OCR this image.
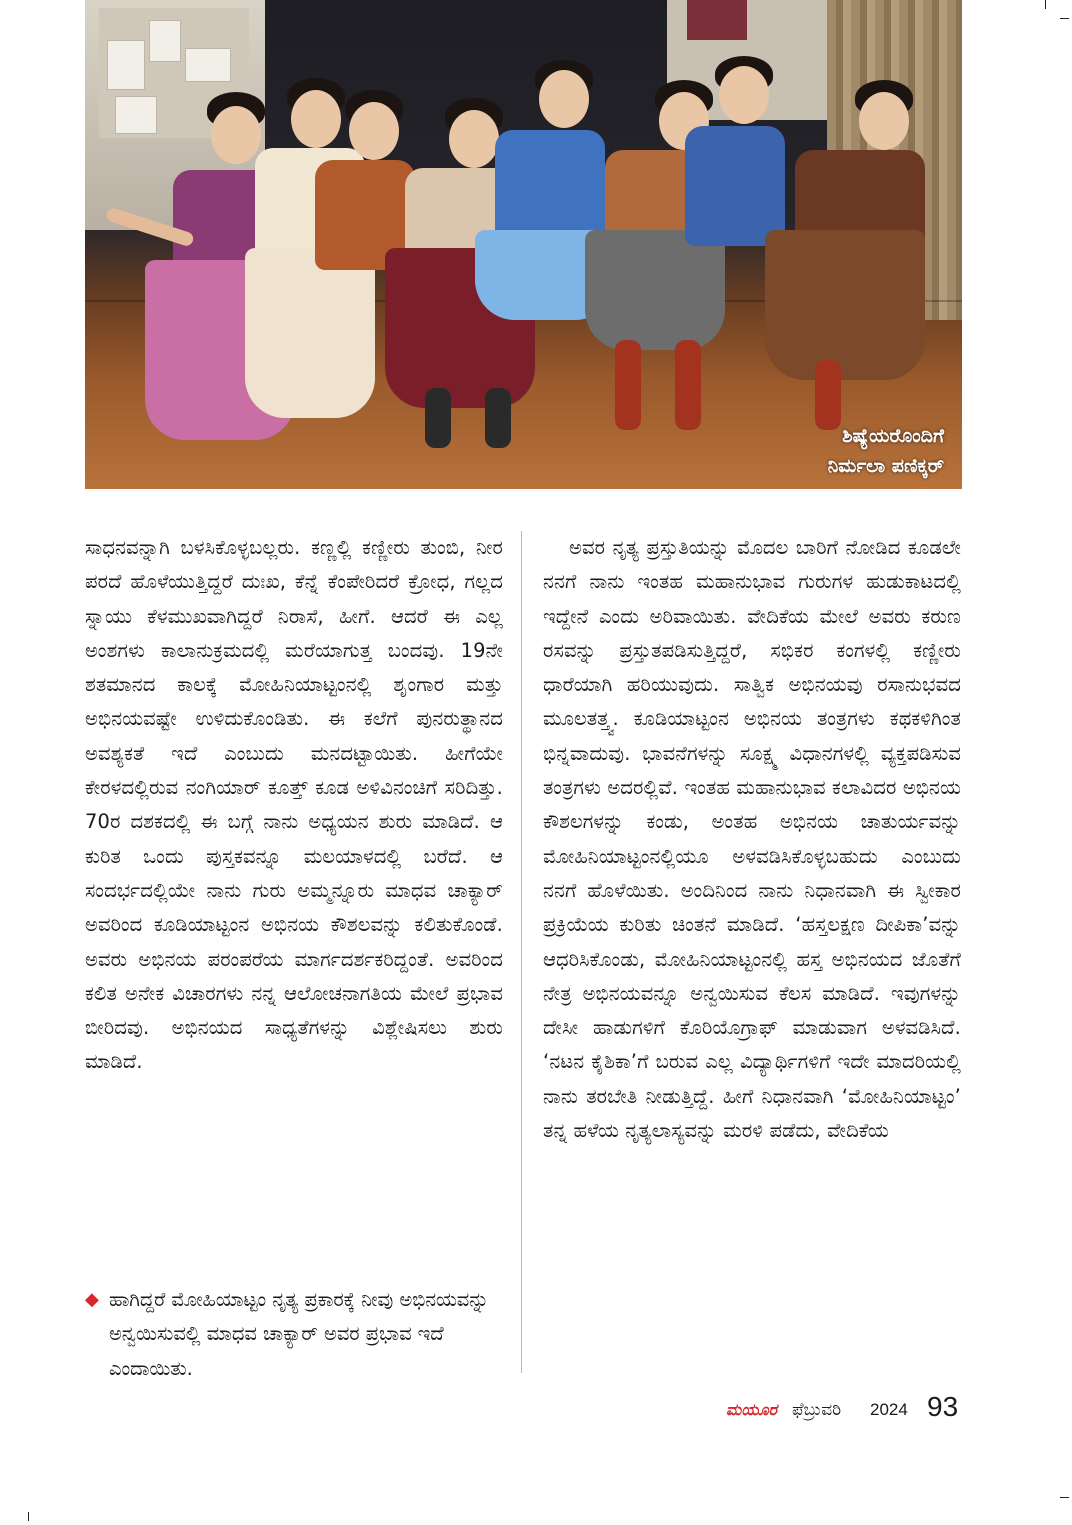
ಶಿಷ್ಯೆಯರೊಂದಿಗೆ
ನಿರ್ಮಲಾ ಪಣಿಕ್ಕರ್

ಸಾಧನವನ್ನಾಗಿ ಬಳಸಿಕೊಳ್ಳಬಲ್ಲರು. ಕಣ್ಣಲ್ಲಿ ಕಣ್ಣೀರು ತುಂಬಿ, ನೀರ ಪರದೆ ಹೊಳೆಯುತ್ತಿದ್ದರೆ ದುಃಖ, ಕೆನ್ನೆ ಕೆಂಪೇರಿದರೆ ಕ್ರೋಧ, ಗಲ್ಲದ ಸ್ನಾಯು ಕೆಳಮುಖವಾಗಿದ್ದರೆ ನಿರಾಸೆ, ಹೀಗೆ. ಆದರೆ ಈ ಎಲ್ಲ ಅಂಶಗಳು ಕಾಲಾನುಕ್ರಮದಲ್ಲಿ ಮರೆಯಾಗುತ್ತ ಬಂದವು. 19ನೇ ಶತಮಾನದ ಕಾಲಕ್ಕೆ ಮೋಹಿನಿಯಾಟ್ಟಂನಲ್ಲಿ ಶೃಂಗಾರ ಮತ್ತು ಅಭಿನಯವಷ್ಟೇ ಉಳಿದುಕೊಂಡಿತು. ಈ ಕಲೆಗೆ ಪುನರುತ್ಥಾನದ ಅವಶ್ಯಕತೆ ಇದೆ ಎಂಬುದು ಮನದಟ್ಟಾಯಿತು. ಹೀಗೆಯೇ ಕೇರಳದಲ್ಲಿರುವ ನಂಗಿಯಾರ್ ಕೂತ್ತ್ ಕೂಡ ಅಳಿವಿನಂಚಿಗೆ ಸರಿದಿತ್ತು. 70ರ ದಶಕದಲ್ಲಿ ಈ ಬಗ್ಗೆ ನಾನು ಅಧ್ಯಯನ ಶುರು ಮಾಡಿದೆ. ಆ ಕುರಿತ ಒಂದು ಪುಸ್ತಕವನ್ನೂ ಮಲಯಾಳದಲ್ಲಿ ಬರೆದೆ. ಆ ಸಂದರ್ಭದಲ್ಲಿಯೇ ನಾನು ಗುರು ಅಮ್ಮನ್ನೂರು ಮಾಧವ ಚಾಕ್ಯಾರ್ ಅವರಿಂದ ಕೂಡಿಯಾಟ್ಟಂನ ಅಭಿನಯ ಕೌಶಲವನ್ನು ಕಲಿತುಕೊಂಡೆ. ಅವರು ಅಭಿನಯ ಪರಂಪರೆಯ ಮಾರ್ಗದರ್ಶಕರಿದ್ದಂತೆ. ಅವರಿಂದ ಕಲಿತ ಅನೇಕ ವಿಚಾರಗಳು ನನ್ನ ಆಲೋಚನಾಗತಿಯ ಮೇಲೆ ಪ್ರಭಾವ ಬೀರಿದವು. ಅಭಿನಯದ ಸಾಧ್ಯತೆಗಳನ್ನು ವಿಶ್ಲೇಷಿಸಲು ಶುರು ಮಾಡಿದೆ.

◆ ಹಾಗಿದ್ದರೆ ಮೋಹಿಯಾಟ್ಟಂ ನೃತ್ಯ ಪ್ರಕಾರಕ್ಕೆ ನೀವು ಅಭಿನಯವನ್ನು ಅನ್ವಯಿಸುವಲ್ಲಿ ಮಾಧವ ಚಾಕ್ಯಾರ್ ಅವರ ಪ್ರಭಾವ ಇದೆ ಎಂದಾಯಿತು.

ಅವರ ನೃತ್ಯ ಪ್ರಸ್ತುತಿಯನ್ನು ಮೊದಲ ಬಾರಿಗೆ ನೋಡಿದ ಕೂಡಲೇ ನನಗೆ ನಾನು ಇಂತಹ ಮಹಾನುಭಾವ ಗುರುಗಳ ಹುಡುಕಾಟದಲ್ಲಿ ಇದ್ದೇನೆ ಎಂದು ಅರಿವಾಯಿತು. ವೇದಿಕೆಯ ಮೇಲೆ ಅವರು ಕರುಣ ರಸವನ್ನು ಪ್ರಸ್ತುತಪಡಿಸುತ್ತಿದ್ದರೆ, ಸಭಿಕರ ಕಂಗಳಲ್ಲಿ ಕಣ್ಣೀರು ಧಾರೆಯಾಗಿ ಹರಿಯುವುದು. ಸಾತ್ವಿಕ ಅಭಿನಯವು ರಸಾನುಭವದ ಮೂಲತತ್ತ್ವ. ಕೂಡಿಯಾಟ್ಟಂನ ಅಭಿನಯ ತಂತ್ರಗಳು ಕಥಕಳಿಗಿಂತ ಭಿನ್ನವಾದುವು. ಭಾವನೆಗಳನ್ನು ಸೂಕ್ಷ್ಮ ವಿಧಾನಗಳಲ್ಲಿ ವ್ಯಕ್ತಪಡಿಸುವ ತಂತ್ರಗಳು ಅದರಲ್ಲಿವೆ. ಇಂತಹ ಮಹಾನುಭಾವ ಕಲಾವಿದರ ಅಭಿನಯ ಕೌಶಲಗಳನ್ನು ಕಂಡು, ಅಂತಹ ಅಭಿನಯ ಚಾತುರ್ಯವನ್ನು ಮೋಹಿನಿಯಾಟ್ಟಂನಲ್ಲಿಯೂ ಅಳವಡಿಸಿಕೊಳ್ಳಬಹುದು ಎಂಬುದು ನನಗೆ ಹೊಳೆಯಿತು. ಅಂದಿನಿಂದ ನಾನು ನಿಧಾನವಾಗಿ ಈ ಸ್ವೀಕಾರ ಪ್ರಕ್ರಿಯೆಯ ಕುರಿತು ಚಿಂತನೆ ಮಾಡಿದೆ. ‘ಹಸ್ತಲಕ್ಷಣ ದೀಪಿಕಾ’ವನ್ನು ಆಧರಿಸಿಕೊಂಡು, ಮೋಹಿನಿಯಾಟ್ಟಂನಲ್ಲಿ ಹಸ್ತ ಅಭಿನಯದ ಜೊತೆಗೆ ನೇತ್ರ ಅಭಿನಯವನ್ನೂ ಅನ್ವಯಿಸುವ ಕೆಲಸ ಮಾಡಿದೆ. ಇವುಗಳನ್ನು ದೇಸೀ ಹಾಡುಗಳಿಗೆ ಕೊರಿಯೊಗ್ರಾಫ್ ಮಾಡುವಾಗ ಅಳವಡಿಸಿದೆ. ‘ನಟನ ಕೈಶಿಕಾ’ಗೆ ಬರುವ ಎಲ್ಲ ವಿದ್ಯಾರ್ಥಿಗಳಿಗೆ ಇದೇ ಮಾದರಿಯಲ್ಲಿ ನಾನು ತರಬೇತಿ ನೀಡುತ್ತಿದ್ದೆ. ಹೀಗೆ ನಿಧಾನವಾಗಿ ‘ಮೋಹಿನಿಯಾಟ್ಟಂ’ ತನ್ನ ಹಳೆಯ ನೃತ್ಯಲಾಸ್ಯವನ್ನು ಮರಳಿ ಪಡೆದು, ವೇದಿಕೆಯ

ಮಯೂರ ಫೆಬ್ರುವರಿ 2024 93
